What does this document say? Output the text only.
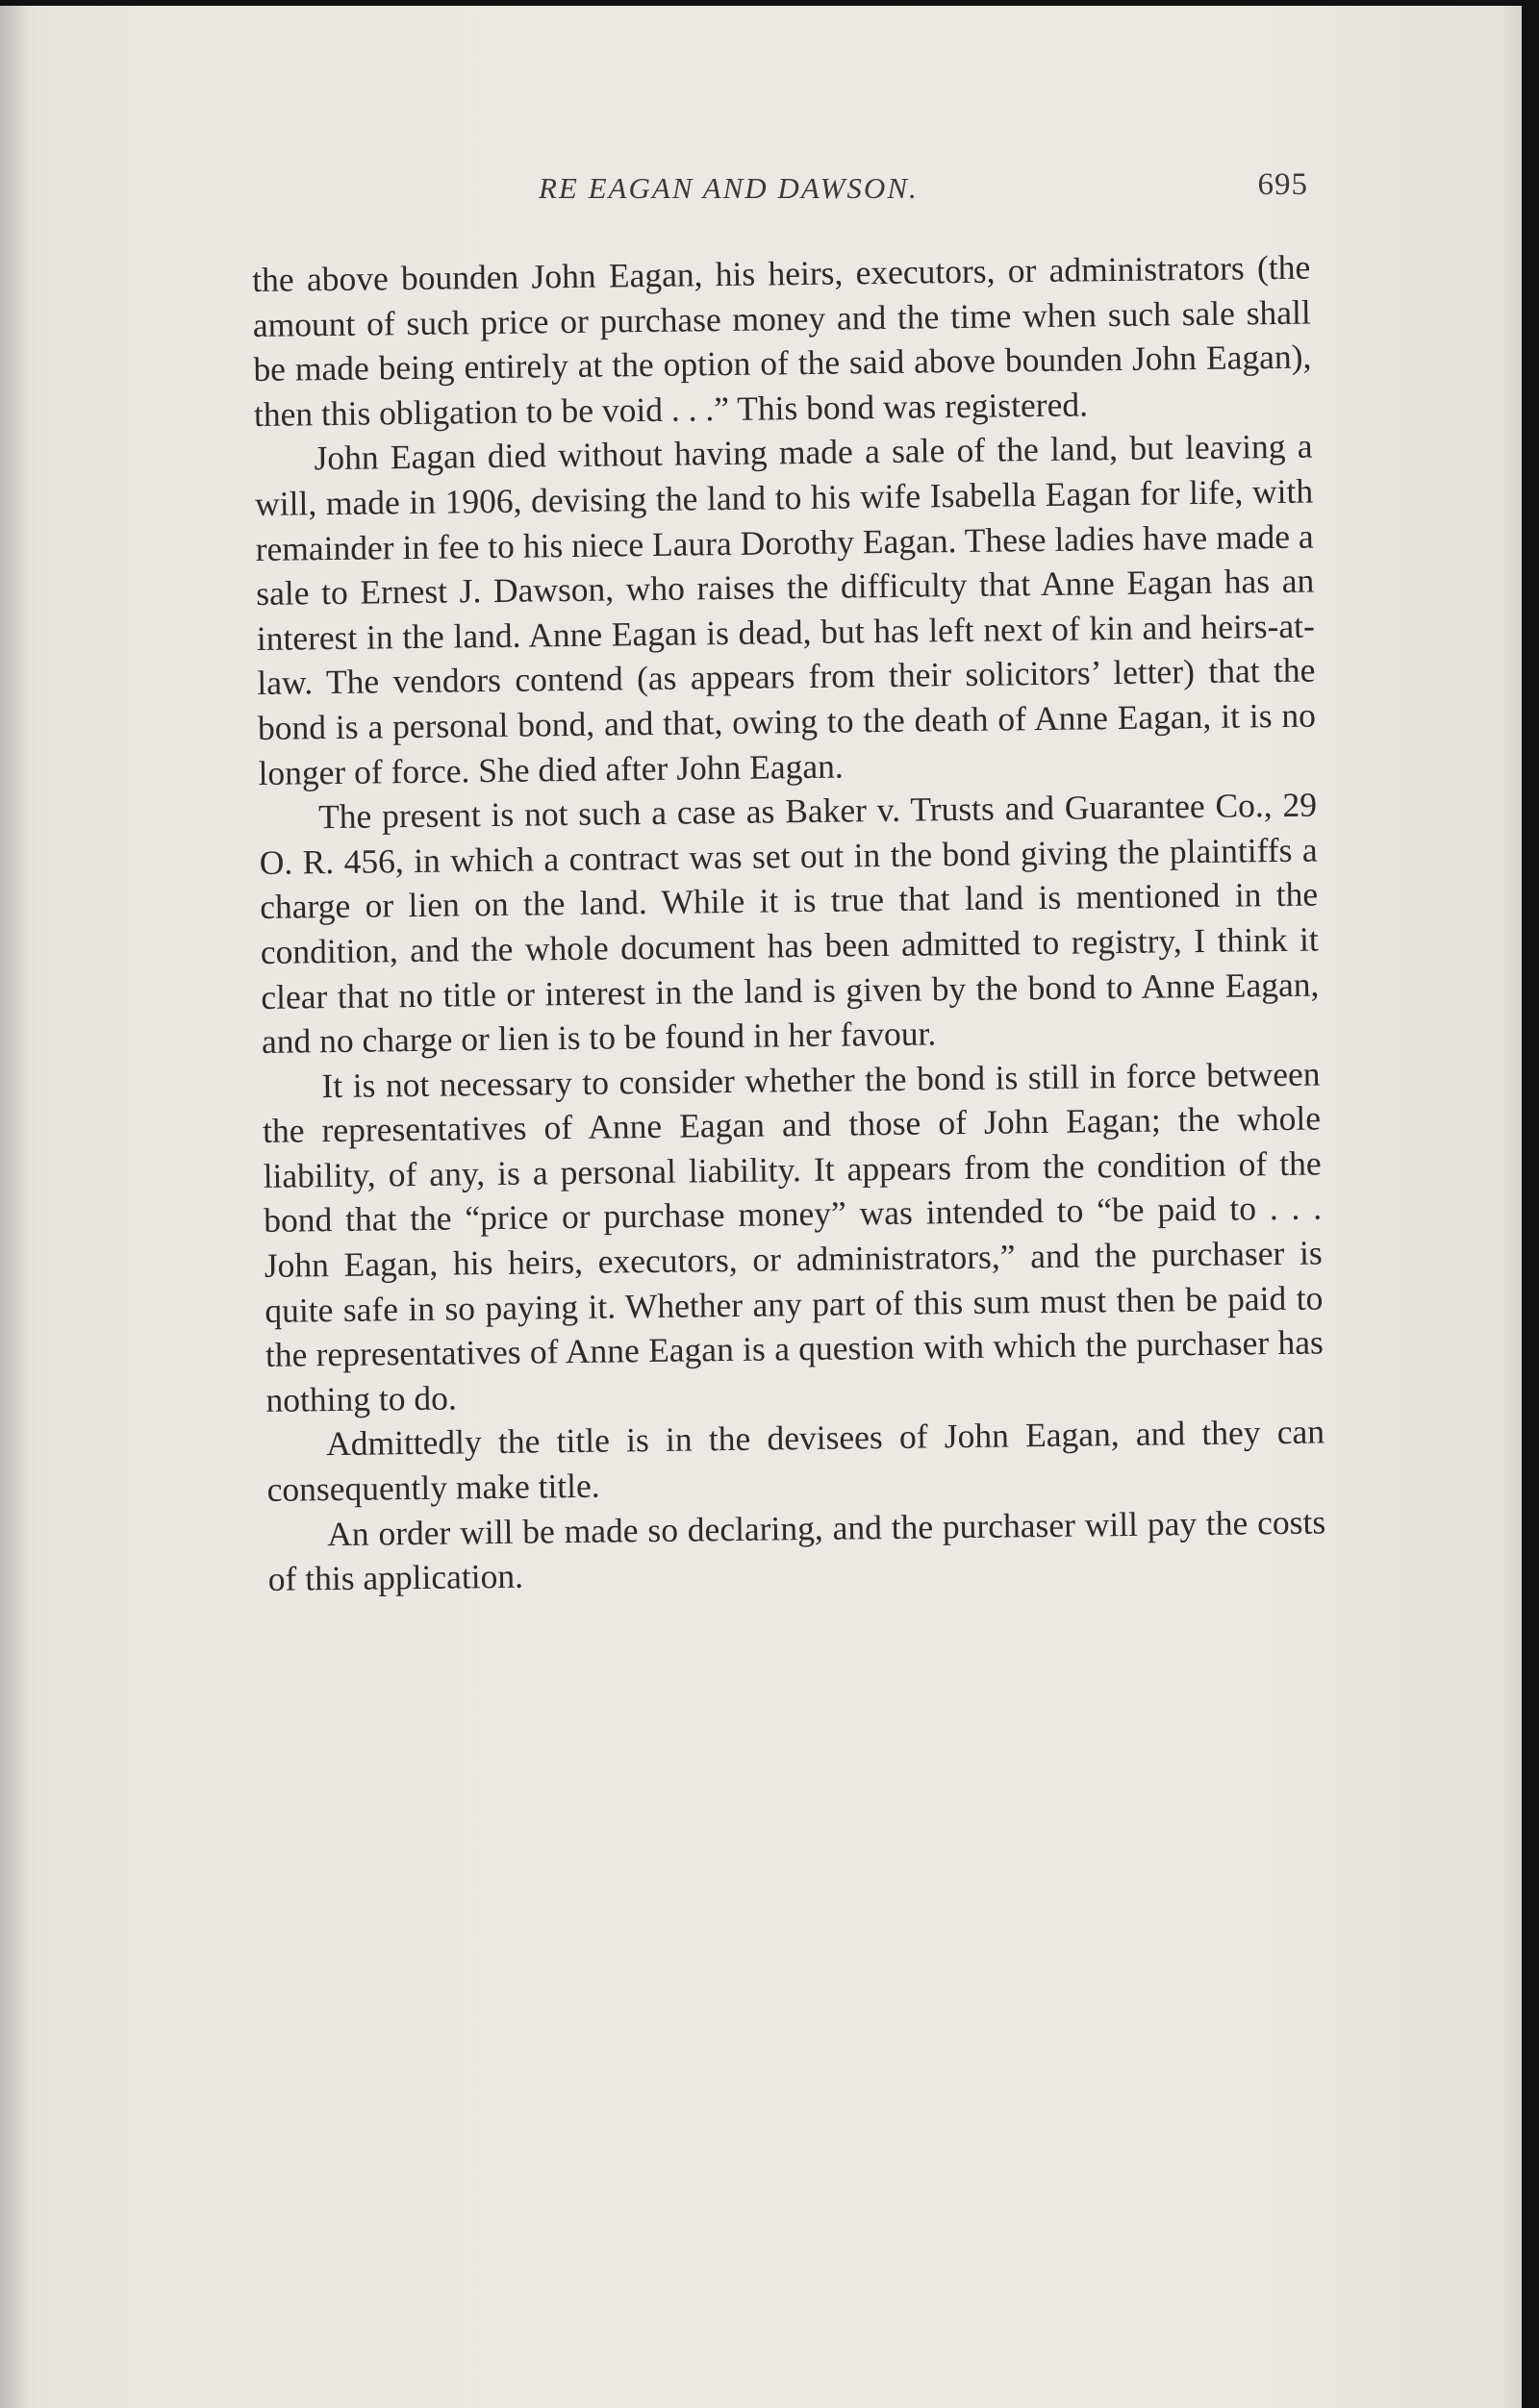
RE EAGAN AND DAWSON.	695

the above bounden John Eagan, his heirs, executors, or administrators (the amount of such price or purchase money and the time when such sale shall be made being entirely at the option of the said above bounden John Eagan), then this obligation to be void . . .” This bond was registered.

John Eagan died without having made a sale of the land, but leaving a will, made in 1906, devising the land to his wife Isabella Eagan for life, with remainder in fee to his niece Laura Dorothy Eagan. These ladies have made a sale to Ernest J. Dawson, who raises the difficulty that Anne Eagan has an interest in the land. Anne Eagan is dead, but has left next of kin and heirs-at-law. The vendors contend (as appears from their solicitors’ letter) that the bond is a personal bond, and that, owing to the death of Anne Eagan, it is no longer of force. She died after John Eagan.

The present is not such a case as Baker v. Trusts and Guarantee Co., 29 O. R. 456, in which a contract was set out in the bond giving the plaintiffs a charge or lien on the land. While it is true that land is mentioned in the condition, and the whole document has been admitted to registry, I think it clear that no title or interest in the land is given by the bond to Anne Eagan, and no charge or lien is to be found in her favour.

It is not necessary to consider whether the bond is still in force between the representatives of Anne Eagan and those of John Eagan; the whole liability, of any, is a personal liability. It appears from the condition of the bond that the “price or purchase money” was intended to “be paid to . . . John Eagan, his heirs, executors, or administrators,” and the purchaser is quite safe in so paying it. Whether any part of this sum must then be paid to the representatives of Anne Eagan is a question with which the purchaser has nothing to do.

Admittedly the title is in the devisees of John Eagan, and they can consequently make title.

An order will be made so declaring, and the purchaser will pay the costs of this application.
